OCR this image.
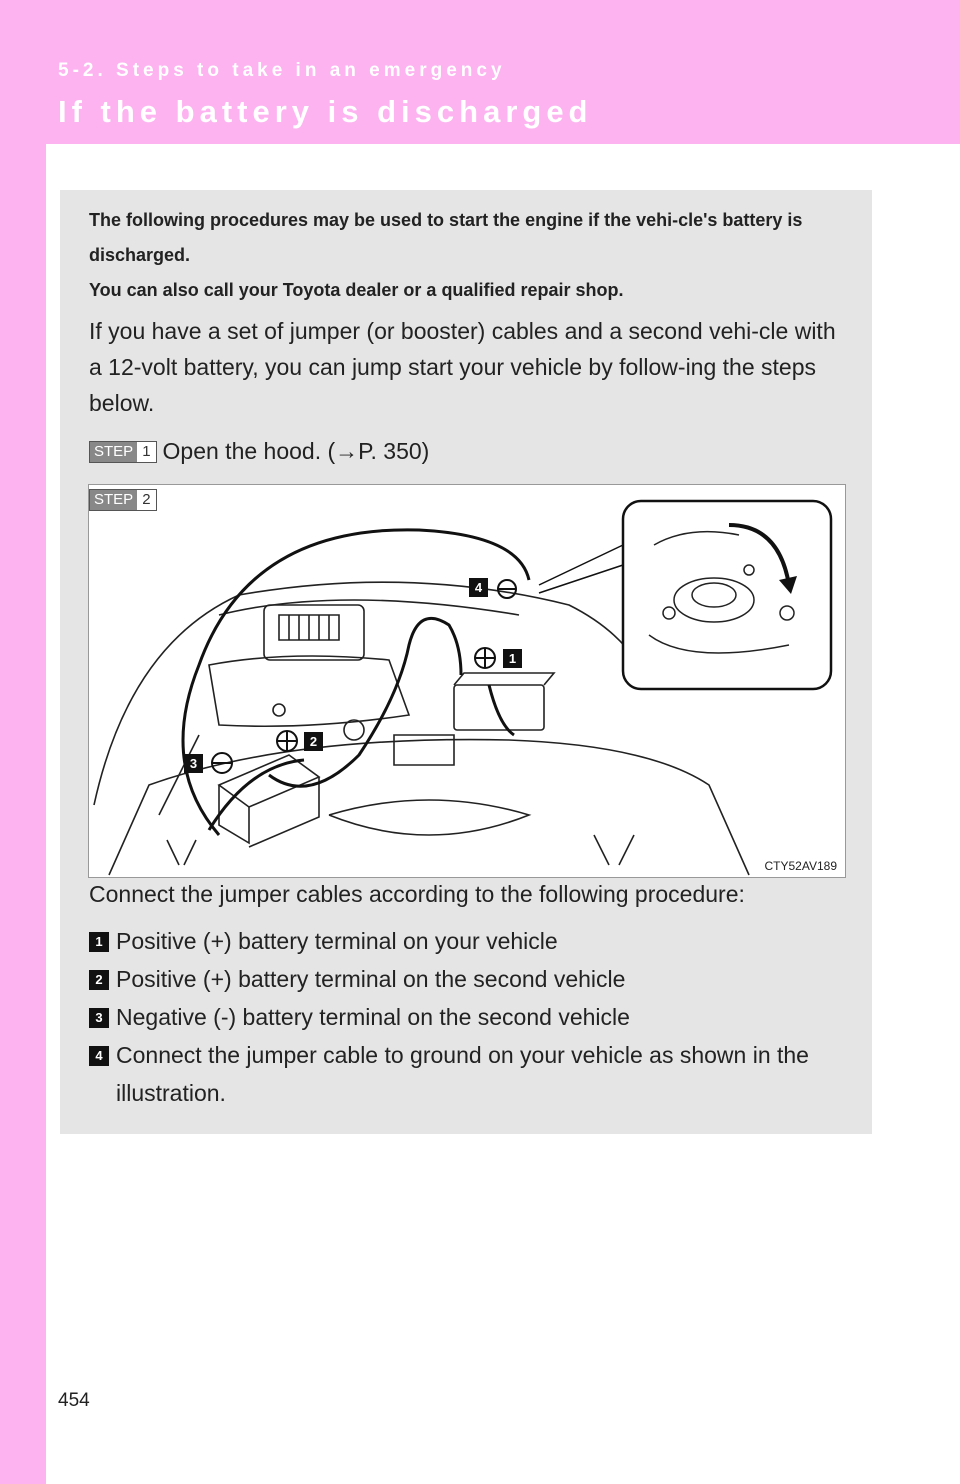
5-2. Steps to take in an emergency
If the battery is discharged

The following procedures may be used to start the engine if the vehi-cle's battery is discharged.

You can also call your Toyota dealer or a qualified repair shop.

If you have a set of jumper (or booster) cables and a second vehi-cle with a 12-volt battery, you can jump start your vehicle by follow-ing the steps below.
STEP 1 Open the hood. (→P. 350)
STEP 2
4
1
2
3
CTY52AV189
Connect the jumper cables according to the following procedure:
1 Positive (+) battery terminal on your vehicle
2 Positive (+) battery terminal on the second vehicle
3 Negative (-) battery terminal on the second vehicle
4 Connect the jumper cable to ground on your vehicle as shown in the illustration.
454
